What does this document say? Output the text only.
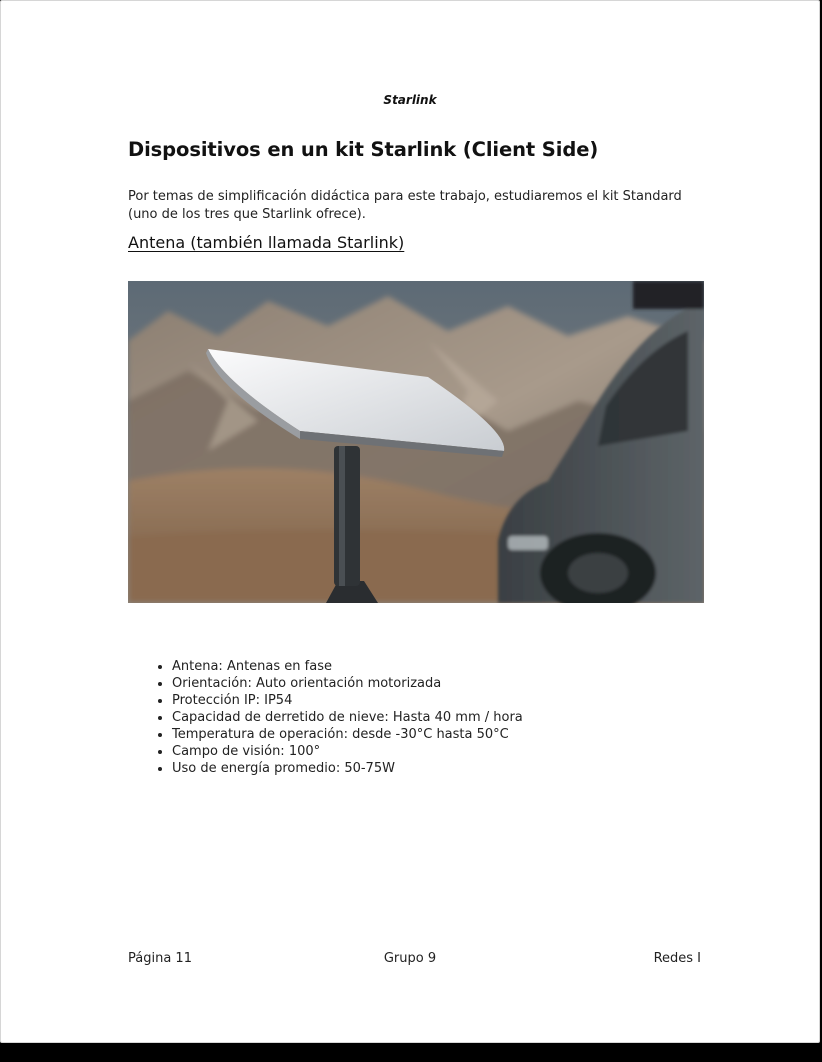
Starlink
Dispositivos en un kit Starlink (Client Side)

Por temas de simplificación didáctica para este trabajo, estudiaremos el kit Standard (uno de los tres que Starlink ofrece).

Antena (también llamada Starlink)
• Antena: Antenas en fase
• Orientación: Auto orientación motorizada
• Protección IP: IP54
• Capacidad de derretido de nieve: Hasta 40 mm / hora
• Temperatura de operación: desde -30°C hasta 50°C
• Campo de visión: 100°
• Uso de energía promedio: 50-75W
Página 11	Grupo 9	Redes I
